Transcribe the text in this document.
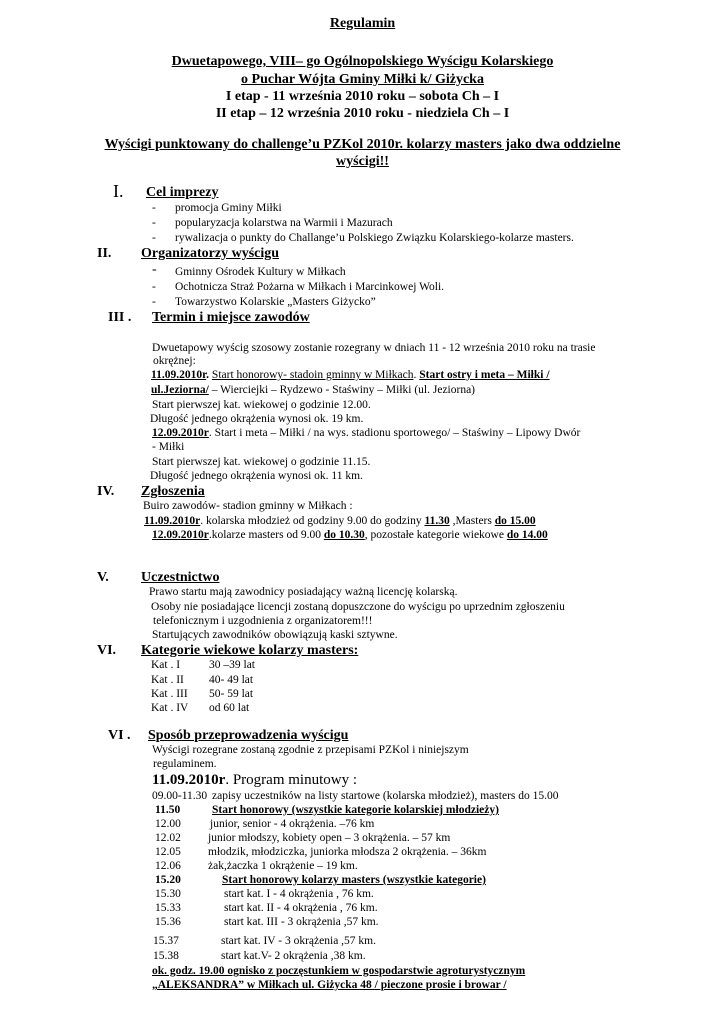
Regulamin
Dwuetapowego, VIII– go Ogólnopolskiego Wyścigu Kolarskiego
o Puchar Wójta Gminy Miłki k/ Giżycka
I etap - 11 września 2010 roku – sobota Ch – I
II etap – 12 września 2010 roku - niedziela Ch – I
Wyścigi punktowany do challenge’u PZKol 2010r. kolarzy masters jako dwa oddzielne
wyścigi!!
I. Cel imprezy
- promocja Gminy Miłki
- popularyzacja kolarstwa na Warmii i Mazurach
- rywalizacja o punkty do Challange’u Polskiego Związku Kolarskiego-kolarze masters.
II. Organizatorzy wyścigu
- Gminny Ośrodek Kultury w Miłkach
- Ochotnicza Straż Pożarna w Miłkach i Marcinkowej Woli.
- Towarzystwo Kolarskie „Masters Giżycko”
III . Termin i miejsce zawodów
Dwuetapowy wyścig szosowy zostanie rozegrany w dniach 11 - 12 września 2010 roku na trasie
okrężnej:
11.09.2010r. Start honorowy- stadoin gminny w Miłkach. Start ostry i meta – Miłki /
ul.Jeziorna/ – Wierciejki – Rydzewo - Staświny – Miłki (ul. Jeziorna)
Start pierwszej kat. wiekowej o godzinie 12.00.
Długość jednego okrążenia wynosi ok. 19 km.
12.09.2010r. Start i meta – Miłki / na wys. stadionu sportowego/ – Staświny – Lipowy Dwór
- Miłki
Start pierwszej kat. wiekowej o godzinie 11.15.
Długość jednego okrążenia wynosi ok. 11 km.
IV. Zgłoszenia
Buiro zawodów- stadion gminny w Miłkach :
11.09.2010r. kolarska młodzież od godziny 9.00 do godziny 11.30 ,Masters do 15.00
12.09.2010r.kolarze masters od 9.00 do 10.30, pozostałe kategorie wiekowe do 14.00
V. Uczestnictwo
Prawo startu mają zawodnicy posiadający ważną licencję kolarską.
Osoby nie posiadające licencji zostaną dopuszczone do wyścigu po uprzednim zgłoszeniu
telefonicznym i uzgodnienia z organizatorem!!!
Startujących zawodników obowiązują kaski sztywne.
VI. Kategorie wiekowe kolarzy masters:
Kat . I	30 –39 lat
Kat . II 40- 49 lat
Kat . III 50- 59 lat
Kat . IV od 60 lat
VI . Sposób przeprowadzenia wyścigu
Wyścigi rozegrane zostaną zgodnie z przepisami PZKol i niniejszym
regulaminem.
11.09.2010r. Program minutowy :
09.00-11.30 zapisy uczestników na listy startowe (kolarska młodzież), masters do 15.00
11.50	Start honorowy (wszystkie kategorie kolarskiej młodzieży)
12.00	junior, senior - 4 okrążenia. –76 km
12.02 junior młodszy, kobiety open – 3 okrążenia. – 57 km
12.05 młodzik, młodziczka, juniorka młodsza 2 okrążenia. – 36km
12.06 żak,żaczka 1 okrążenie – 19 km.
15.20	Start honorowy kolarzy masters (wszystkie kategorie)
15.30	start kat. I - 4 okrążenia , 76 km.
15.33	start kat. II - 4 okrążenia , 76 km.
15.36	start kat. III - 3 okrążenia ,57 km.
15.37	start kat. IV - 3 okrążenia ,57 km.
15.38	start kat.V- 2 okrążenia ,38 km.
ok. godz. 19.00 ognisko z poczęstunkiem w gospodarstwie agroturystycznym
„ALEKSANDRA” w Miłkach ul. Giżycka 48 / pieczone prosie i browar /
